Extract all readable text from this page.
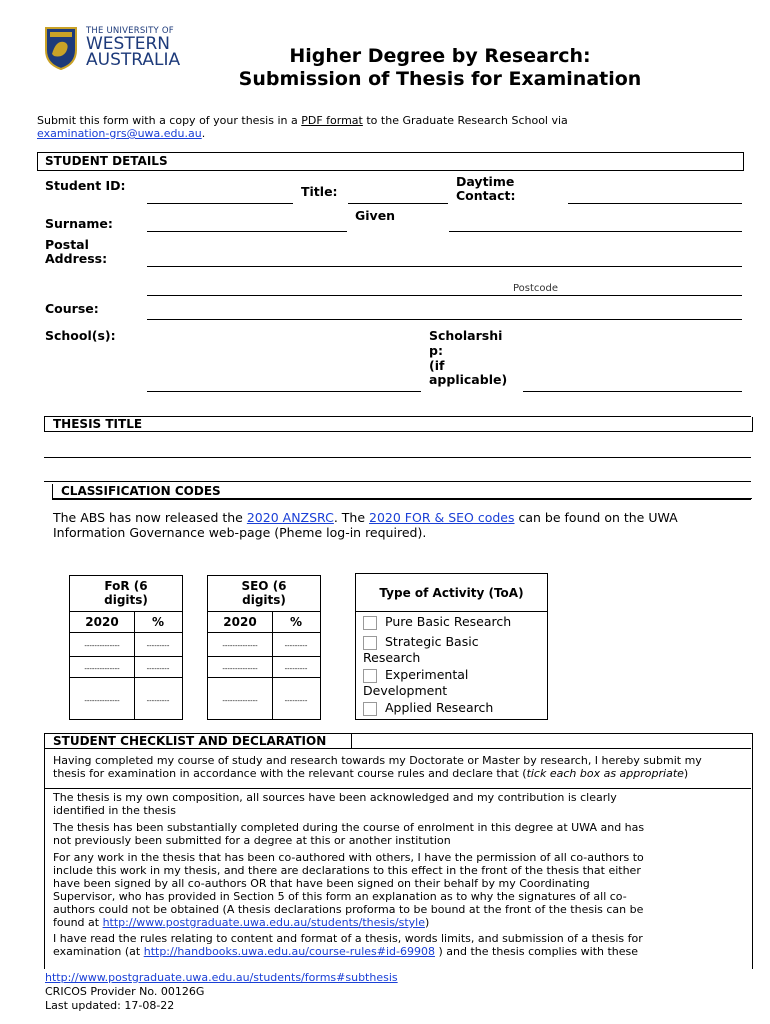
THE UNIVERSITY OF
WESTERN
AUSTRALIA	Higher Degree by Research:
Submission of Thesis for Examination
Submit this form with a copy of your thesis in a PDF format to the Graduate Research School via
examination-grs@uwa.edu.au.
STUDENT DETAILS
Student ID:	Title:
Daytime
Contact:
Surname:
Given
Postal
Address:
Postcode
Course:
School(s):	Scholarshi
p:
(if
applicable)
THESIS TITLE
CLASSIFICATION CODES
The ABS has now released the 2020 ANZSRC. The 2020 FOR & SEO codes can be found on the UWA
Information Governance web-page (Pheme log-in required).
FoR (6
digits)
2020	%
--------------	---------
--------------	---------
--------------	---------
SEO (6
digits)
2020	%
--------------	---------
--------------	---------
--------------	---------
Type of Activity (ToA)
Pure Basic Research
Strategic Basic
Research
Experimental
Development
Applied Research
STUDENT CHECKLIST AND DECLARATION
Having completed my course of study and research towards my Doctorate or Master by research, I hereby submit my
thesis for examination in accordance with the relevant course rules and declare that (tick each box as appropriate)
The thesis is my own composition, all sources have been acknowledged and my contribution is clearly
identified in the thesis
The thesis has been substantially completed during the course of enrolment in this degree at UWA and has
not previously been submitted for a degree at this or another institution
For any work in the thesis that has been co-authored with others, I have the permission of all co-authors to
include this work in my thesis, and there are declarations to this effect in the front of the thesis that either
have been signed by all co-authors OR that have been signed on their behalf by my Coordinating
Supervisor, who has provided in Section 5 of this form an explanation as to why the signatures of all co-
authors could not be obtained (A thesis declarations proforma to be bound at the front of the thesis can be
found at http://www.postgraduate.uwa.edu.au/students/thesis/style)
I have read the rules relating to content and format of a thesis, words limits, and submission of a thesis for
examination (at http://handbooks.uwa.edu.au/course-rules#id-69908 ) and the thesis complies with these
http://www.postgraduate.uwa.edu.au/students/forms#subthesis
CRICOS Provider No. 00126G
Last updated: 17-08-22
